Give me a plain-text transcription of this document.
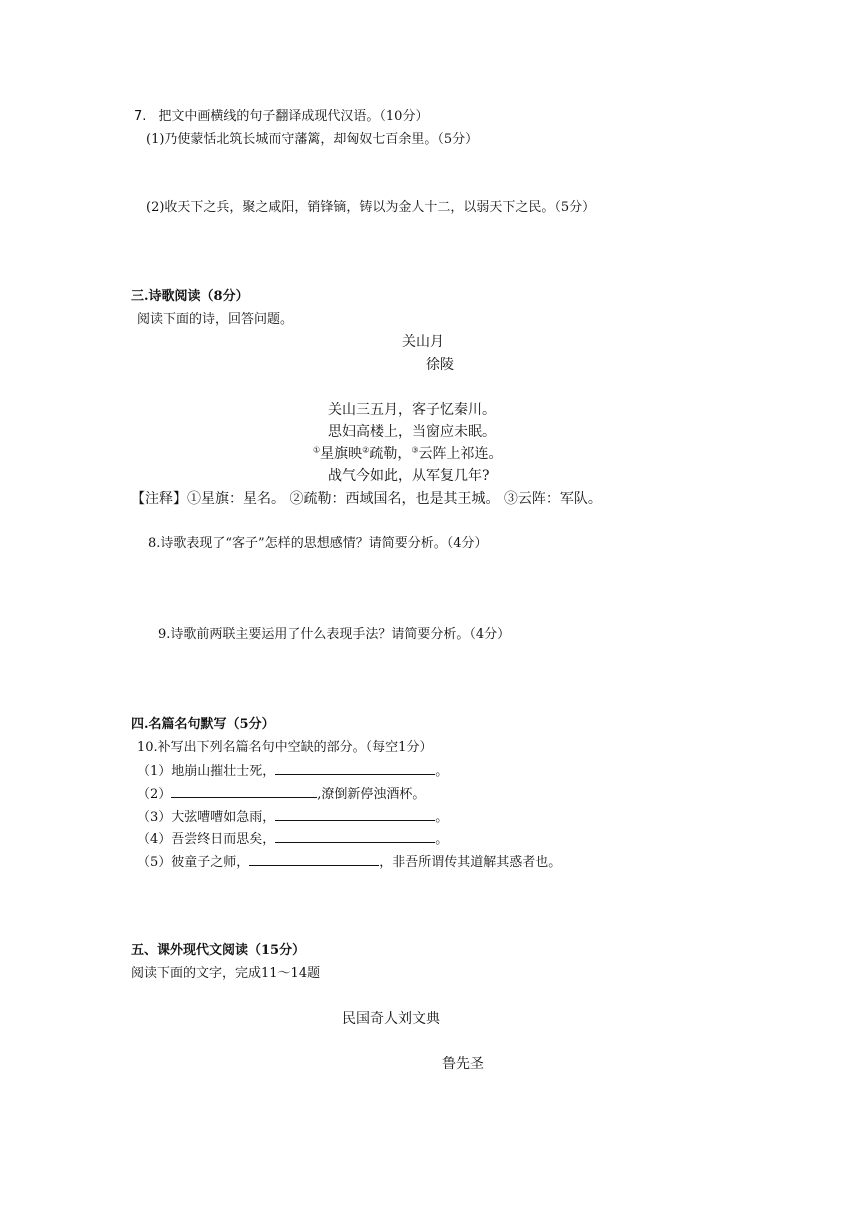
7. 把文中画横线的句子翻译成现代汉语。（10分）
(1)乃使蒙恬北筑长城而守藩篱，却匈奴七百余里。（5分）
(2)收天下之兵，聚之咸阳，销锋镝，铸以为金人十二，以弱天下之民。（5分）
三.诗歌阅读（8分）
阅读下面的诗，回答问题。
关山月
徐陵
关山三五月，客子忆秦川。
思妇高楼上，当窗应未眠。
①星旗映②疏勒，③云阵上祁连。
战气今如此，从军复几年?
【注释】①星旗：星名。 ②疏勒：西域国名，也是其王城。 ③云阵：军队。
8.诗歌表现了“客子”怎样的思想感情？请简要分析。（4分）
9.诗歌前两联主要运用了什么表现手法？请简要分析。（4分）
四.名篇名句默写（5分）
10.补写出下列名篇名句中空缺的部分。（每空1分）
（1）地崩山摧壮士死，	。
（2）	,潦倒新停浊酒杯。
（3）大弦嘈嘈如急雨，	。
（4）吾尝终日而思矣，	。
（5）彼童子之师，	，非吾所谓传其道解其惑者也。
五、课外现代文阅读（15分）
阅读下面的文字，完成11～14题
民国奇人刘文典
鲁先圣
